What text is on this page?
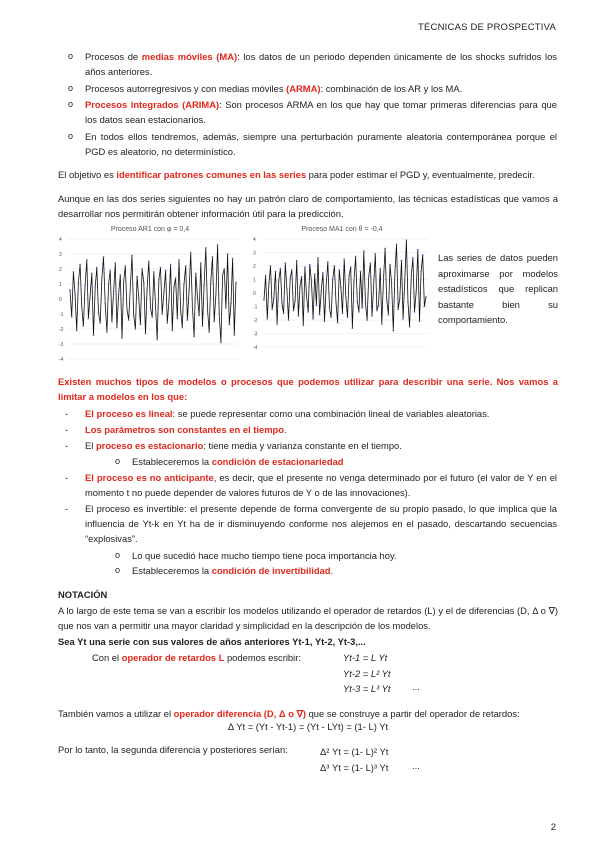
TÉCNICAS DE PROSPECTIVA
o Procesos de medias móviles (MA): los datos de un periodo dependen únicamente de los shocks sufridos los años anteriores.
o Procesos autorregresivos y con medias móviles (ARMA): combinación de los AR y los MA.
o Procesos integrados (ARIMA): Son procesos ARMA en los que hay que tomar primeras diferencias para que los datos sean estacionarios.
o En todos ellos tendremos, además, siempre una perturbación puramente aleatoria contemporánea porque el PGD es aleatorio, no determinístico.
El objetivo es identificar patrones comunes en las series para poder estimar el PGD y, eventualmente, predecir.
Aunque en las dos series siguientes no hay un patrón claro de comportamiento, las técnicas estadísticas que vamos a desarrollar nos permitirán obtener información útil para la predicción.
Proceso AR1 con φ = 0,4
4
3
2
1
0
-1
-2
-3
-4
Proceso MA1 con θ = -0,4
4
3
2
1
0
-1
-2
-3
-4
Las series de datos pueden aproximarse por modelos estadísticos que replican bastante bien su comportamiento.
Existen muchos tipos de modelos o procesos que podemos utilizar para describir una serie. Nos vamos a limitar a modelos en los que:
- El proceso es lineal: se puede representar como una combinación lineal de variables aleatorias.
- Los parámetros son constantes en el tiempo.
- El proceso es estacionario: tiene media y varianza constante en el tiempo.
o Estableceremos la condición de estacionariedad
- El proceso es no anticipante, es decir, que el presente no venga determinado por el futuro (el valor de Y en el momento t no puede depender de valores futuros de Y o de las innovaciones).
- El proceso es invertible: el presente depende de forma convergente de su propio pasado, lo que implica que la influencia de Yt-k en Yt ha de ir disminuyendo conforme nos alejemos en el pasado, descartando secuencias “explosivas”.
o Lo que sucedió hace mucho tiempo tiene poca importancia hoy.
o Estableceremos la condición de invertibilidad.
NOTACIÓN
A lo largo de este tema se van a escribir los modelos utilizando el operador de retardos (L) y el de diferencias (D, Δ o ∇) que nos van a permitir una mayor claridad y simplicidad en la descripción de los modelos.
Sea Yt una serie con sus valores de años anteriores Yt-1, Yt-2, Yt-3,...
Con el operador de retardos L podemos escribir:	Yt-1 = L Yt
Yt-2 = L² Yt
Yt-3 = L³ Yt ...
También vamos a utilizar el operador diferencia (D, Δ o ∇) que se construye a partir del operador de retardos:
Δ Yt = (Yt - Yt-1) = (Yt - LYt) = (1- L) Yt
Por lo tanto, la segunda diferencia y posteriores serían:	Δ² Yt = (1- L)² Yt
Δ³ Yt = (1- L)³ Yt	...
2
